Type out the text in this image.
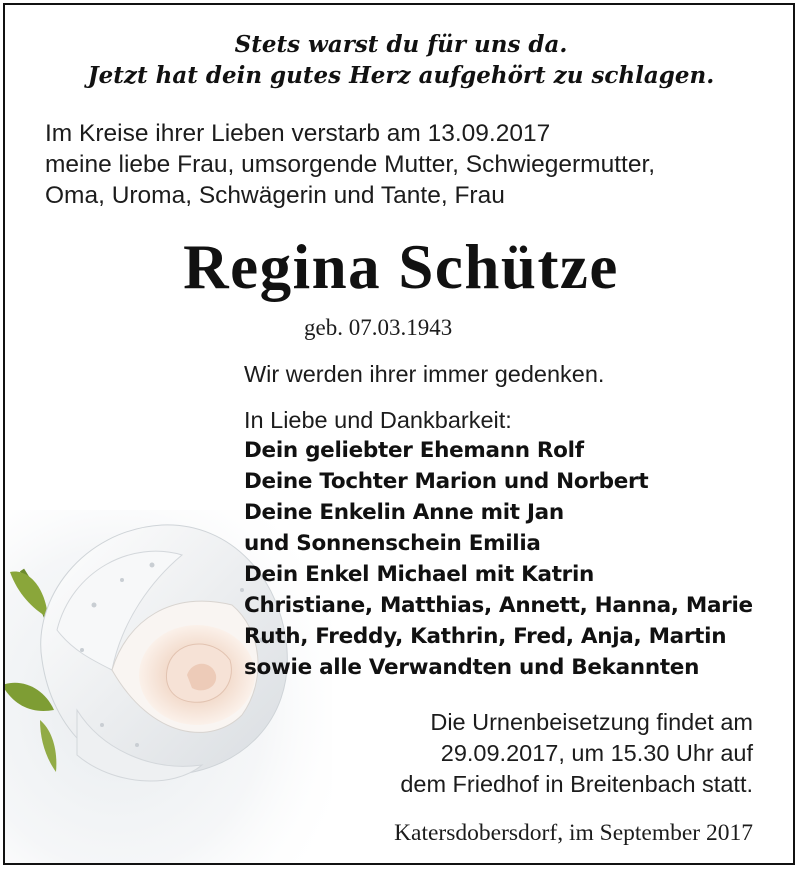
Stets warst du für uns da.

Jetzt hat dein gutes Herz aufgehört zu schlagen.

Im Kreise ihrer Lieben verstarb am 13.09.2017

meine liebe Frau, umsorgende Mutter, Schwiegermutter,

Oma, Uroma, Schwägerin und Tante, Frau

Regina Schütze

geb. 07.03.1943

Wir werden ihrer immer gedenken.

In Liebe und Dankbarkeit:

Dein geliebter Ehemann Rolf

Deine Tochter Marion und Norbert

Deine Enkelin Anne mit Jan

und Sonnenschein Emilia

Dein Enkel Michael mit Katrin

Christiane, Matthias, Annett, Hanna, Marie

Ruth, Freddy, Kathrin, Fred, Anja, Martin

sowie alle Verwandten und Bekannten

Die Urnenbeisetzung findet am

29.09.2017, um 15.30 Uhr auf

dem Friedhof in Breitenbach statt.

Katersdobersdorf, im September 2017
